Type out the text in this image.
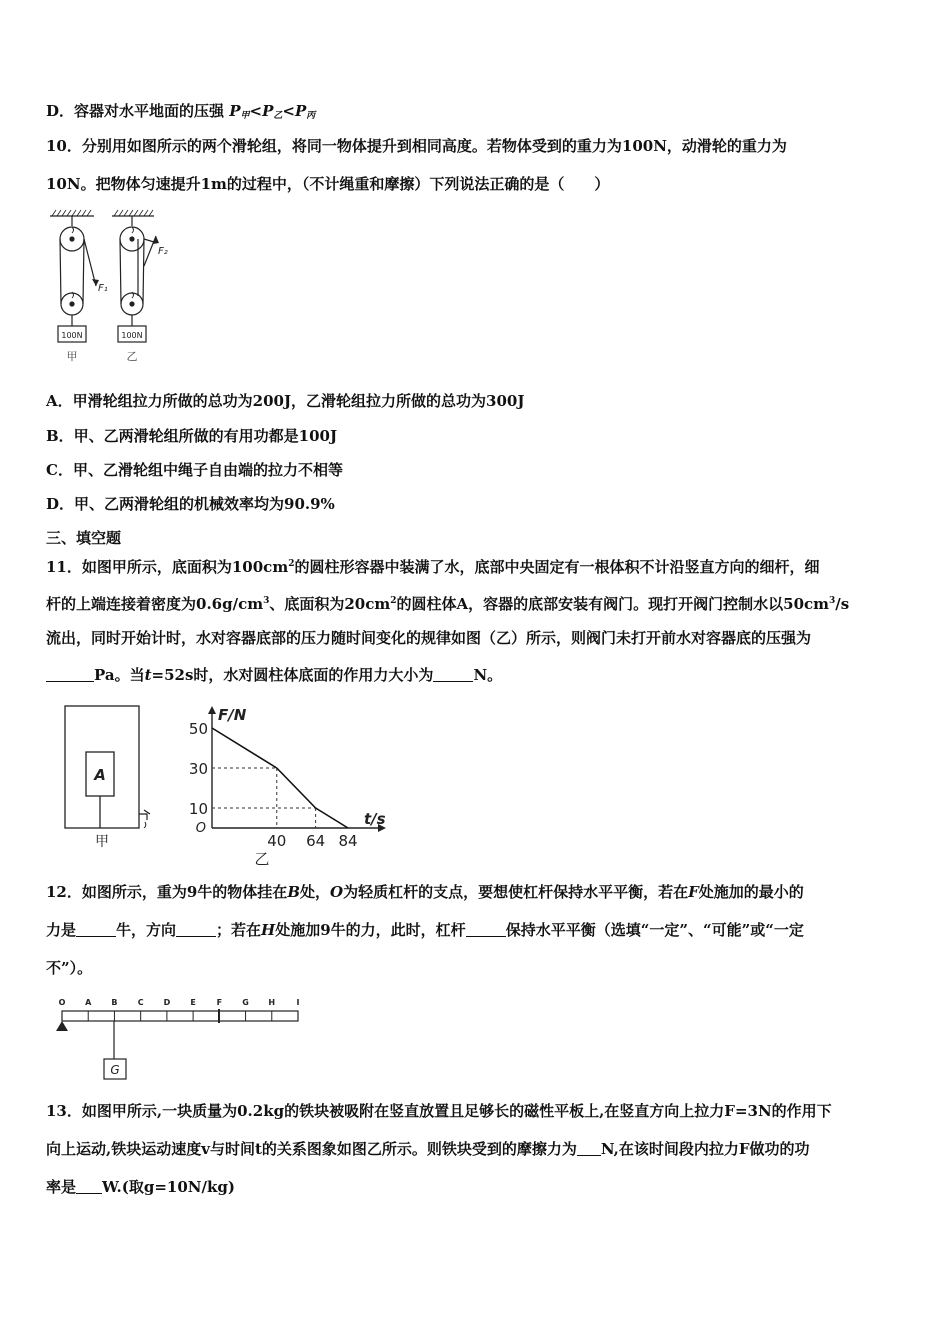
D．容器对水平地面的压强 $P_甲<P_乙<P_丙$
10．分别用如图所示的两个滑轮组，将同一物体提升到相同高度。若物体受到的重力为100N，动滑轮的重力为
10N。把物体匀速提升1m的过程中，（不计绳重和摩擦）下列说法正确的是（　　）
F₁
100N
甲
F₂
100N
乙
A．甲滑轮组拉力所做的总功为200J，乙滑轮组拉力所做的总功为300J
B．甲、乙两滑轮组所做的有用功都是100J
C．甲、乙滑轮组中绳子自由端的拉力不相等
D．甲、乙两滑轮组的机械效率均为90.9%
三、填空题
11．如图甲所示，底面积为$100cm^2$的圆柱形容器中装满了水，底部中央固定有一根体积不计沿竖直方向的细杆，细
杆的上端连接着密度为$0.6g/cm^3$、底面积为$20cm^2$的圆柱体A，容器的底部安装有阀门。现打开阀门控制水以$50cm^3/s$
流出，同时开始计时，水对容器底部的压力随时间变化的规律如图（乙）所示，则阀门未打开前水对容器底的压强为
Pa。当t=52s时，水对圆柱体底面的作用力大小为	N。
A
甲
F/N
t/s
O
50
30
10
40 64 84
乙
12．如图所示，重为9牛的物体挂在B处，O为轻质杠杆的支点，要想使杠杆保持水平平衡，若在F处施加的最小的
力是	牛，方向	；若在H处施加9牛的力，此时，杠杆	保持水平平衡（选填“一定”、“可能”或“一定
不”）。
O A	B	C D	E	F	G H	I
G
13．如图甲所示,一块质量为0.2kg的铁块被吸附在竖直放置且足够长的磁性平板上,在竖直方向上拉力F=3N的作用下
向上运动,铁块运动速度v与时间t的关系图象如图乙所示。则铁块受到的摩擦力为 N,在该时间段内拉力F做功的功
率是 W.(取g=10N/kg)
